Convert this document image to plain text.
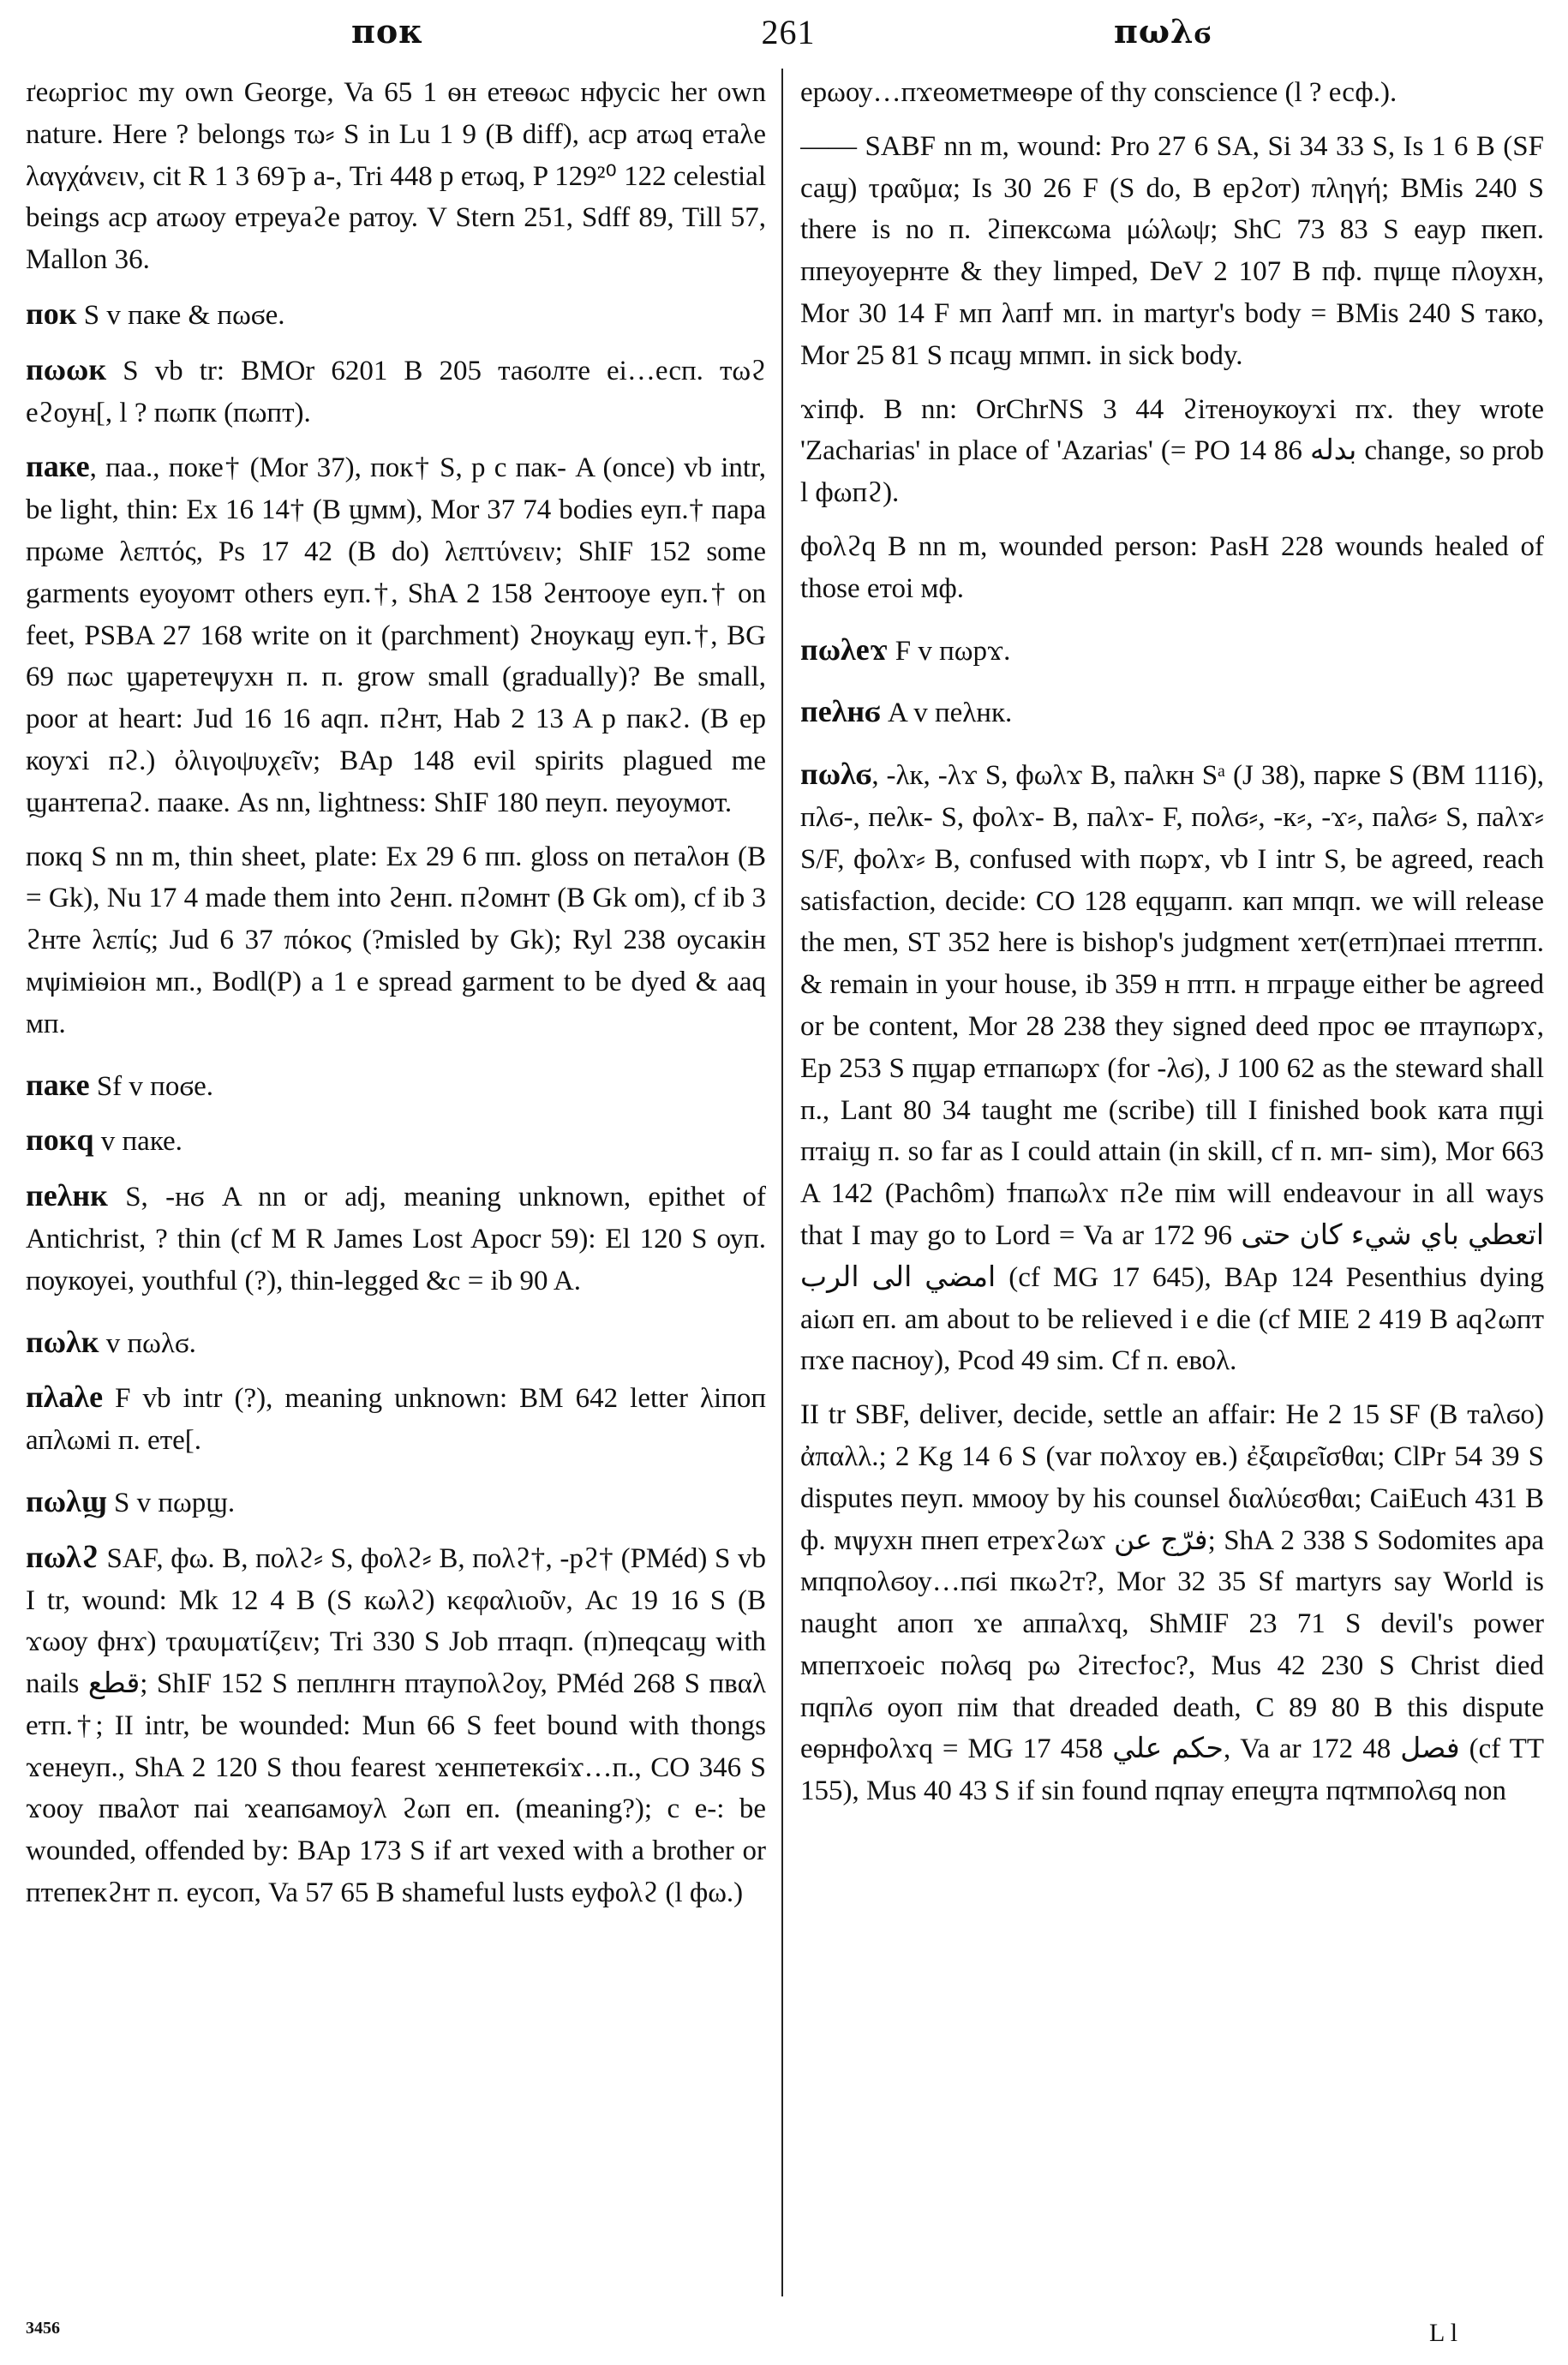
пок	261	пωλϭ

ґеωргіос my own George, Va 65 1 ѳн етеѳωс нфусіс her own nature. Here ? belongs тω⸗ S in Lu 1 9 (B diff), аср атωq етаλе λαγχάνειν, cit R 1 3 69 ̄p а-, Tri 448 р етωq, P 129²⁰ 122 celestial beings аср атωоу етреуаϩе ратоу. V Stern 251, Sdff 89, Till 57, Mallon 36.

пок S v паке & пωϭе.

пωωк S vb tr: BMOr 6201 B 205 таϭолте еі…есп. тωϩ еϩоун[, l ? пωпк (пωпт).

паке, паа., поке† (Mor 37), пок† S, p c пак- A (once) vb intr, be light, thin: Ex 16 14† (B ϣмм), Mor 37 74 bodies еуп.† пара прωме λεπτός, Ps 17 42 (B do) λεπτύνειν; ShIF 152 some garments еуоуомт others еуп.†, ShA 2 158 ϩентооуе еуп.† on feet, PSBA 27 168 write on it (parchment) ϩноуκаϣ еуп.†, BG 69 пωс ϣаретеѱухн п. п. grow small (gradually)? Be small, poor at heart: Jud 16 16 аqп. пϩнт, Hab 2 13 A р пакϩ. (B ер коуϫі пϩ.) ὀλιγοψυχεῖν; BAp 148 evil spirits plagued me ϣантепаϩ. пааке. As nn, lightness: ShIF 180 пеуп. пеуоумот.

покq S nn m, thin sheet, plate: Ex 29 6 пп. gloss on петаλон (B = Gk), Nu 17 4 made them into ϩенп. пϩомнт (B Gk om), cf ib 3 ϩнте λεπίς; Jud 6 37 πόκος (?misled by Gk); Ryl 238 оусакін мѱіміѳіон мп., Bodl(P) a 1 e spread garment to be dyed & ааq мп.

паке Sf v поϭе.

покq v паке.

пеλнк S, -нϭ A nn or adj, meaning unknown, epithet of Antichrist, ? thin (cf M R James Lost Apocr 59): El 120 S оуп. поукоуеі, youthful (?), thin-legged &c = ib 90 A.

пωλк v пωλϭ.

пλаλе F vb intr (?), meaning unknown: BM 642 letter λіпоп апλωмі п. ете[.

пωλϣ S v пωрϣ.

пωλϩ SAF, фω. B, поλϩ⸗ S, фоλϩ⸗ B, поλϩ†, -рϩ† (PMéd) S vb I tr, wound: Mk 12 4 B (S кωλϩ) κεφαλιοῦν, Ac 19 16 S (B ϫωоу фнϫ) τραυματίζειν; Tri 330 S Job птаqп. (п)пеqсаϣ with nails قطع; ShIF 152 S пеплнгн птаупоλϩоу, PMéd 268 S пвαλ етп.†; II intr, be wounded: Mun 66 S feet bound with thongs ϫенеуп., ShA 2 120 S thou fearest ϫенпетекϭіϫ…п., CO 346 S ϫооу пваλот паі ϫеапϭамоуλ ϩωп еп. (meaning?); c е-: be wounded, offended by: BAp 173 S if art vexed with a brother or птепекϩнт п. еусоп, Va 57 65 B shameful lusts еуфоλϩ (l фω.)

ерωоу…пϫеометмеѳре of thy conscience (l ? есф.).

—— SABF nn m, wound: Pro 27 6 SA, Si 34 33 S, Is 1 6 B (SF саϣ) τραῦμα; Is 30 26 F (S do, B ерϩот) πληγή; BMis 240 S there is no п. ϩіпексωма μώλωψ; ShC 73 83 S еаур пкеп. ппеуоуернте & they limped, DeV 2 107 B пф. пѱще пλоухн, Mor 30 14 F мп λапϯ мп. in martyr's body = BMis 240 S тако, Mor 25 81 S псаϣ мпмп. in sick body.

ϫіпф. B nn: OrChrNS 3 44 ϩітеноукоуϫі пϫ. they wrote 'Zacharias' in place of 'Azarias' (= PO 14 86 بدله change, so prob l фωпϩ).

фоλϩq B nn m, wounded person: PasH 228 wounds healed of those етоі мф.

пωλеϫ F v пωрϫ.

пеλнϭ A v пеλнк.

пωλϭ, -λк, -λϫ S, фωλϫ B, паλкн Sᵃ (J 38), парке S (BM 1116), пλϭ-, пеλк- S, фоλϫ- B, паλϫ- F, поλϭ⸗, -к⸗, -ϫ⸗, паλϭ⸗ S, паλϫ⸗ S/F, фоλϫ⸗ B, confused with пωрϫ, vb I intr S, be agreed, reach satisfaction, decide: CO 128 еqϣапп. кап мпqп. we will release the men, ST 352 here is bishop's judgment ϫет(етп)паеі птетпп. & remain in your house, ib 359 н птп. н пграϣе either be agreed or be content, Mor 28 238 they signed deed прос ѳе птаупωрϫ, Ep 253 S пϣар етпапωрϫ (for -λϭ), J 100 62 as the steward shall п., Lant 80 34 taught me (scribe) till I finished book ката пϣі птаіϣ п. so far as I could attain (in skill, cf п. мп- sim), Mor 663 A 142 (Pachôm) ϯпапωλϫ пϩе пім will endeavour in all ways that I may go to Lord = Va ar 172 96 اتعطي باي شيء كان حتى امضي الى الرب (cf MG 17 645), BAp 124 Pesenthius dying аіωп еп. am about to be relieved i e die (cf MIE 2 419 B аqϩωпт пϫе пасноу), Pcod 49 sim. Cf п. евоλ.

II tr SBF, deliver, decide, settle an affair: He 2 15 SF (B таλϭо) ἀπαλλ.; 2 Kg 14 6 S (var поλϫоу ев.) ἐξαιρεῖσθαι; ClPr 54 39 S disputes пеуп. ммооу by his counsel διαλύεσθαι; CaiEuch 431 B ф. мѱухн пнеп етреϫϩωϫ فرّج عن; ShA 2 338 S Sodomites ара мпqпоλϭоу…пϭі пкωϩт?, Mor 32 35 Sf martyrs say World is naught апоп ϫе аппаλϫq, ShMIF 23 71 S devil's power мпепϫоеіс поλϭq рω ϩітесϯос?, Mus 42 230 S Christ died пqпλϭ оуоп пім that dreaded death, C 89 80 B this dispute еѳрнфоλϫq = MG 17 458 حكم علي, Va ar 172 48 فصل (cf TT 155), Mus 40 43 S if sin found пqпау епеϣта пqтмпоλϭq non

3456	L l
